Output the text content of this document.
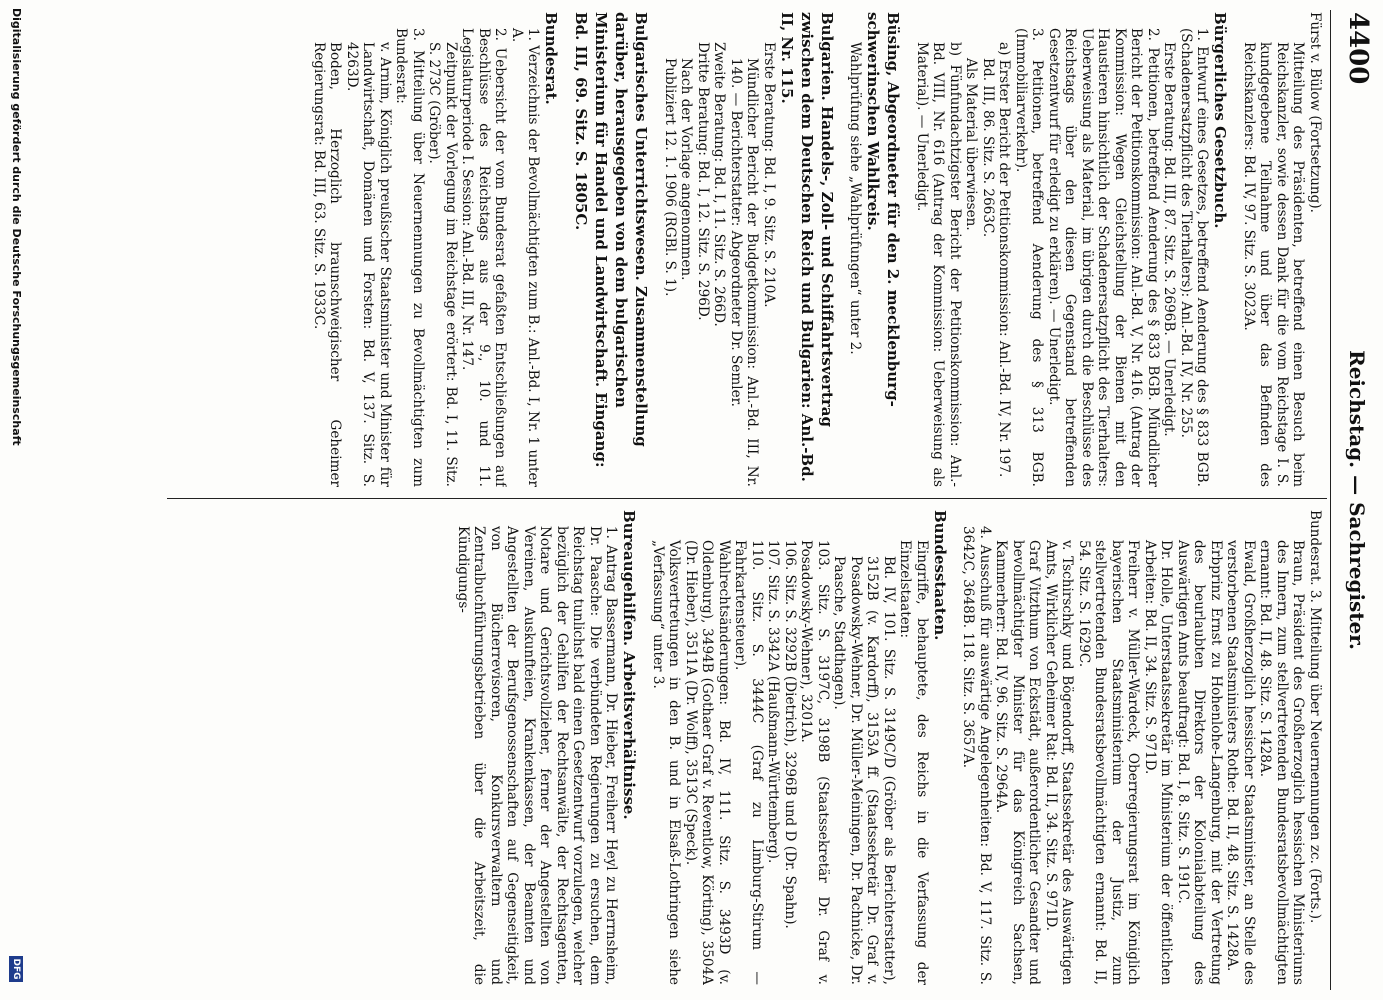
4400
Reichstag. — Sachregister.
Fürst v. Bülow (Fortsetzung).
Mitteilung des Präsidenten, betreffend einen Besuch beim Reichskanzler, sowie dessen Dank für die vom Reichstage I. S. kundgegebene Teilnahme und über das Befinden des Reichskanzlers: Bd. IV, 97. Sitz. S. 3023A.
Bürgerliches Gesetzbuch.
1. Entwurf eines Gesetzes, betreffend Aenderung des § 833 BGB. (Schadenersatzpflicht des Tierhalters): Anl.-Bd. IV, Nr. 255.
Erste Beratung: Bd. III, 87. Sitz. S. 2696B. — Unerledigt.
2. Petitionen, betreffend Aenderung des § 833 BGB. Mündlicher Bericht der Petitionskommission: Anl.-Bd. V, Nr. 416. (Antrag der Kommission: Wegen Gleichstellung der Bienen mit den Haustieren hinsichtlich der Schadenersatzpflicht des Tierhalters: Ueberweisung als Material, im übrigen durch die Beschlüsse des Reichstags über den diesen Gegenstand betreffenden Gesetzentwurf für erledigt zu erklären). — Unerledigt.
3. Petitionen, betreffend Aenderung des § 313 BGB. (Immobiliarverkehr).
a) Erster Bericht der Petitionskommission: Anl.-Bd. IV, Nr. 197.
Bd. III, 86. Sitz. S. 2663C.
Als Material überwiesen.
b) Fünfundachtzigster Bericht der Petitionskommission: Anl.-Bd. VIII, Nr. 616 (Antrag der Kommission: Ueberweisung als Material). — Unerledigt.
Büsing, Abgeordneter für den 2. mecklenburg-schwerinschen Wahlkreis.
Wahlprüfung siehe „Wahlprüfungen“ unter 2.
Bulgarien. Handels-, Zoll- und Schiffahrtsvertrag zwischen dem Deutschen Reich und Bulgarien: Anl.-Bd. II, Nr. 115.
Erste Beratung: Bd. I, 9. Sitz. S. 210A.
Mündlicher Bericht der Budgetkommission: Anl.-Bd. III, Nr. 140. — Berichterstatter: Abgeordneter Dr. Semler.
Zweite Beratung: Bd. I, 11. Sitz. S. 266D.
Dritte Beratung: Bd. I, 12. Sitz. S. 296D.
Nach der Vorlage angenommen.
Publiziert 12. 1. 1906 (RGBl. S. 1).
Bulgarisches Unterrichtswesen. Zusammenstellung darüber, herausgegeben von dem bulgarischen Ministerium für Handel und Landwirtschaft. Eingang: Bd. III, 69. Sitz. S. 1805C.
Bundesrat.
1. Verzeichnis der Bevollmächtigten zum B.: Anl.-Bd. I, Nr. 1 unter A.
2. Uebersicht der vom Bundesrat gefaßten Entschließungen auf Beschlüsse des Reichstags aus der 9., 10. und 11. Legislaturperiode I. Session: Anl.-Bd. III, Nr. 147.
Zeitpunkt der Vorlegung im Reichstage erörtert: Bd. I, 11. Sitz. S. 273C (Gröber).
3. Mitteilung über Neuernennungen zu Bevollmächtigten zum Bundesrat:
v. Arnim, Königlich preußischer Staatsminister und Minister für Landwirtschaft, Domänen und Forsten: Bd. V, 137. Sitz. S. 4263D.
Boden, Herzoglich braunschweigischer Geheimer Regierungsrat: Bd. III, 63. Sitz. S. 1933C.
Bundesrat. 3. Mitteilung über Neuernennungen zc. (Forts.).
Braun, Präsident des Großherzoglich hessischen Ministeriums des Innern, zum stellvertretenden Bundesratsbevollmächtigten ernannt: Bd. II, 48. Sitz. S. 1428A.
Ewald, Großherzoglich hessischer Staatsminister, an Stelle des verstorbenen Staatsministers Rothe: Bd. II, 48. Sitz. S. 1428A.
Erbprinz Ernst zu Hohenlohe-Langenburg, mit der Vertretung des beurlaubten Direktors der Kolonialabteilung des Auswärtigen Amts beauftragt: Bd. I, 8. Sitz. S. 191C.
Dr. Holle, Unterstaatssekretär im Ministerium der öffentlichen Arbeiten: Bd. II, 34. Sitz. S. 971D.
Freiherr v. Müller-Wardeck, Oberregierungsrat im Königlich bayerischen Staatsministerium der Justiz, zum stellvertretenden Bundesratsbevollmächtigten ernannt: Bd. II, 54. Sitz. S. 1629C.
v. Tschirschky und Bögendorff, Staatssekretär des Auswärtigen Amts, Wirklicher Geheimer Rat: Bd. II, 34. Sitz. S. 971D.
Graf Vitzthum von Eckstädt, außerordentlicher Gesandter und bevollmächtigter Minister für das Königreich Sachsen, Kammerherr: Bd. IV, 96. Sitz. S. 2964A.
4. Ausschuß für auswärtige Angelegenheiten: Bd. V, 117. Sitz. S. 3642C, 3648B. 118. Sitz. S. 3657A.
Bundesstaaten.
Eingriffe, behauptete, des Reichs in die Verfassung der Einzelstaaten:
Bd. IV, 101. Sitz. S. 3149C/D (Gröber als Berichterstatter), 3152B (v. Kardorff), 3153A ff. (Staatssekretär Dr. Graf v. Posadowsky-Wehner, Dr. Müller-Meiningen, Dr. Pachnicke, Dr. Paasche, Stadthagen).
103. Sitz. S. 3197C, 3198B (Staatssekretär Dr. Graf v. Posadowsky-Wehner), 3201A.
106. Sitz. S. 3292B (Dietrich), 3296B und D (Dr. Spahn).
107. Sitz. S. 3342A (Haußmann-Württemberg).
110. Sitz. S. 3444C (Graf zu Limburg-Stirum — Fahrkartensteuer).
Wahlrechtsänderungen: Bd. IV, 111. Sitz. S. 3493D (v. Oldenburg), 3494B (Gothaer Graf v. Reventlow, Körting), 3504A (Dr. Hieber), 3511A (Dr. Wolff), 3513C (Speck).
Volksvertretungen in den B. und in Elsaß-Lothringen siehe „Verfassung“ unter 3.
Bureaugehilfen. Arbeitsverhältnisse.
1. Antrag Bassermann, Dr. Hieber, Freiherr Heyl zu Herrnsheim, Dr. Paasche: Die verbündeten Regierungen zu ersuchen, dem Reichstag tunlichst bald einen Gesetzentwurf vorzulegen, welcher bezüglich der Gehilfen der Rechtsanwälte, der Rechtsagenten, Notare und Gerichtsvollzieher, ferner der Angestellten von Vereinen, Auskunfteien, Krankenkassen, der Beamten und Angestellten der Berufsgenossenschaften auf Gegenseitigkeit, von Bücherrevisoren, Konkursverwaltern und Zentralbuchführungsbetrieben über die Arbeitszeit, die Kündigungs-
Digitalisierung gefördert durch die Deutsche Forschungsgemeinschaft
DFG
